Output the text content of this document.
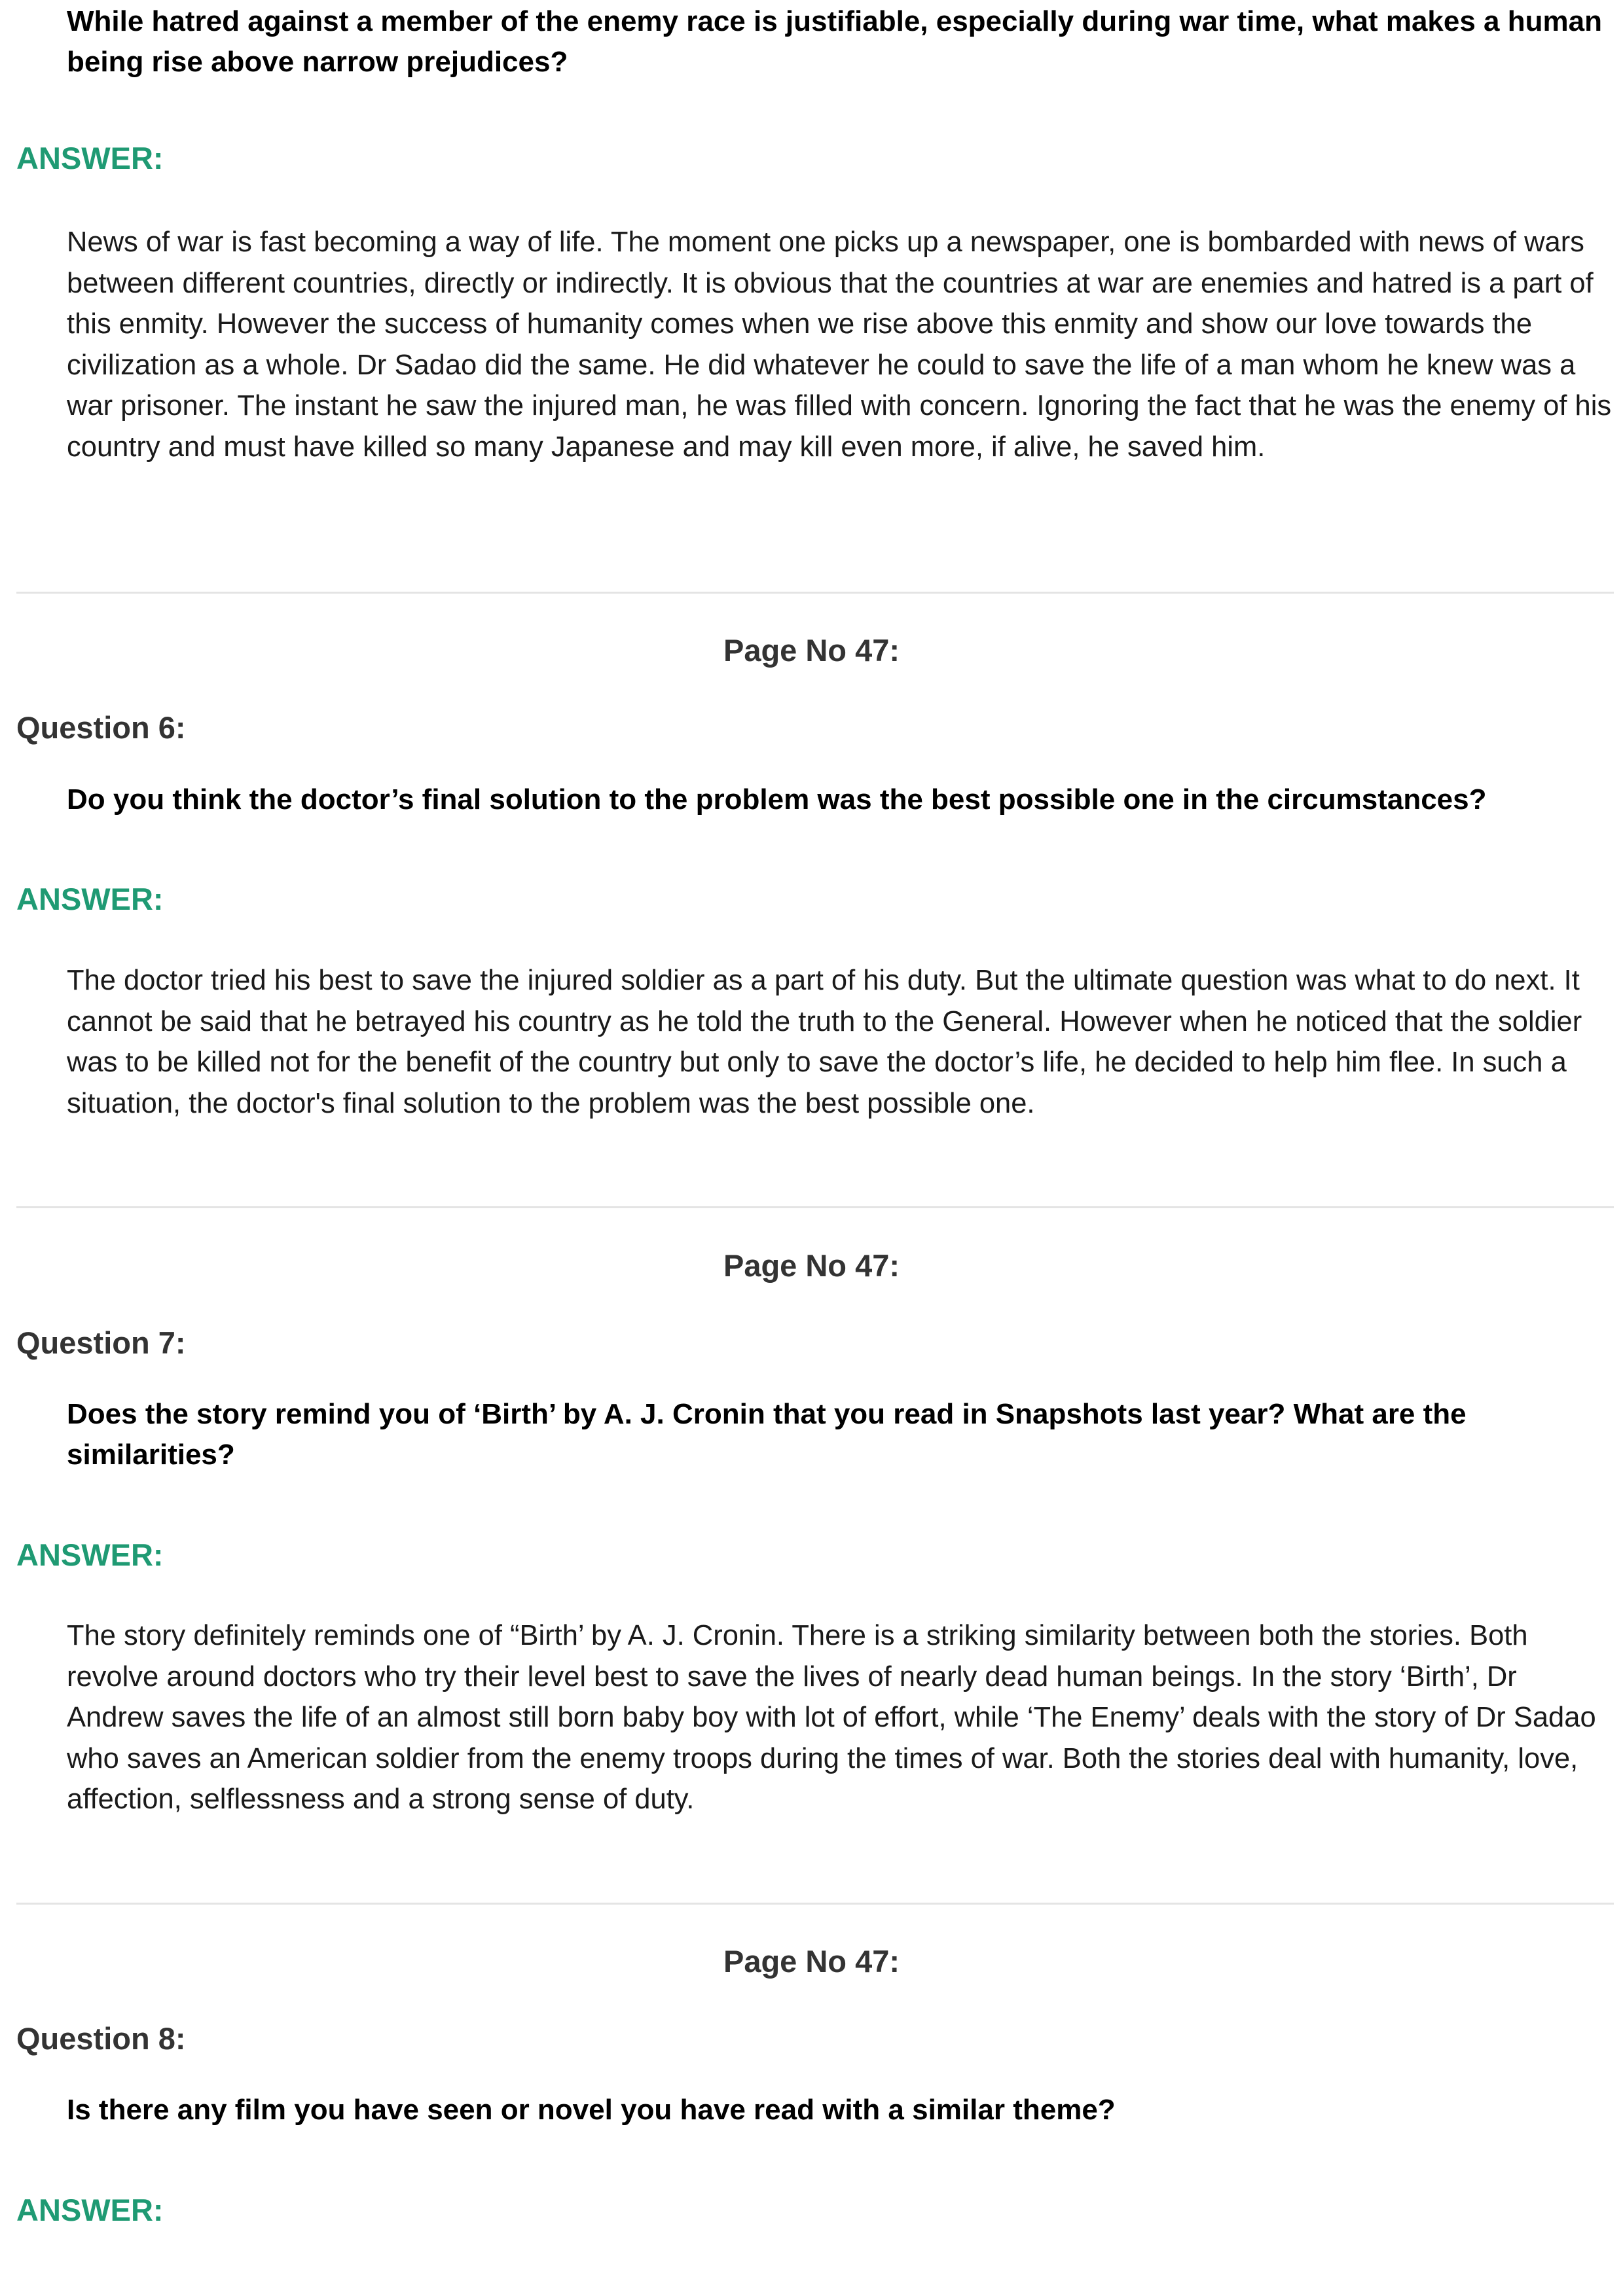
While hatred against a member of the enemy race is justifiable, especially during war time, what makes a human being rise above narrow prejudices?

ANSWER:

News of war is fast becoming a way of life. The moment one picks up a newspaper, one is bombarded with news of wars between different countries, directly or indirectly. It is obvious that the countries at war are enemies and hatred is a part of this enmity. However the success of humanity comes when we rise above this enmity and show our love towards the civilization as a whole. Dr Sadao did the same. He did whatever he could to save the life of a man whom he knew was a war prisoner. The instant he saw the injured man, he was filled with concern. Ignoring the fact that he was the enemy of his country and must have killed so many Japanese and may kill even more, if alive, he saved him.

Page No 47:

Question 6:

Do you think the doctor’s final solution to the problem was the best possible one in the circumstances?

ANSWER:

The doctor tried his best to save the injured soldier as a part of his duty. But the ultimate question was what to do next. It cannot be said that he betrayed his country as he told the truth to the General. However when he noticed that the soldier was to be killed not for the benefit of the country but only to save the doctor’s life, he decided to help him flee. In such a situation, the doctor's final solution to the problem was the best possible one.

Page No 47:

Question 7:

Does the story remind you of ‘Birth’ by A. J. Cronin that you read in Snapshots last year? What are the similarities?

ANSWER:

The story definitely reminds one of “Birth’ by A. J. Cronin. There is a striking similarity between both the stories. Both revolve around doctors who try their level best to save the lives of nearly dead human beings. In the story ‘Birth’, Dr Andrew saves the life of an almost still born baby boy with lot of effort, while ‘The Enemy’ deals with the story of Dr Sadao who saves an American soldier from the enemy troops during the times of war. Both the stories deal with humanity, love, affection, selflessness and a strong sense of duty.

Page No 47:

Question 8:

Is there any film you have seen or novel you have read with a similar theme?

ANSWER:
